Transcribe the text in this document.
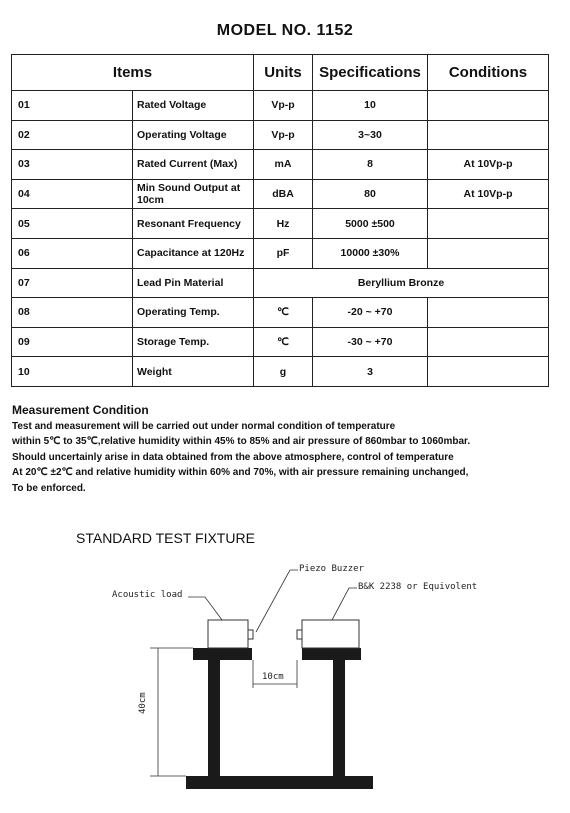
MODEL NO. 1152
Items		Units	Specifications	Conditions
01	Rated Voltage	Vp-p	10	
02	Operating Voltage	Vp-p	3~30	
03	Rated Current (Max)	mA	8	At 10Vp-p
04	Min Sound Output at 10cm	dBA	80	At 10Vp-p
05	Resonant Frequency	Hz	5000 ±500	
06	Capacitance at 120Hz	pF	10000 ±30%	
07	Lead Pin Material	Beryllium Bronze		
08	Operating Temp.	℃	-20 ~ +70	
09	Storage Temp.	℃	-30 ~ +70	
10	Weight	g	3	
Measurement Condition
Test and measurement will be carried out under normal condition of temperature
within 5℃ to 35℃,relative humidity within 45% to 85% and air pressure of 860mbar to 1060mbar.
Should uncertainly arise in data obtained from the above atmosphere, control of temperature
At 20℃ ±2℃ and relative humidity within 60% and 70%, with air pressure remaining unchanged,
To be enforced.
STANDARD TEST FIXTURE
Acoustic load
Piezo Buzzer
B&K 2238 or Equivolent
10cm
40cm
